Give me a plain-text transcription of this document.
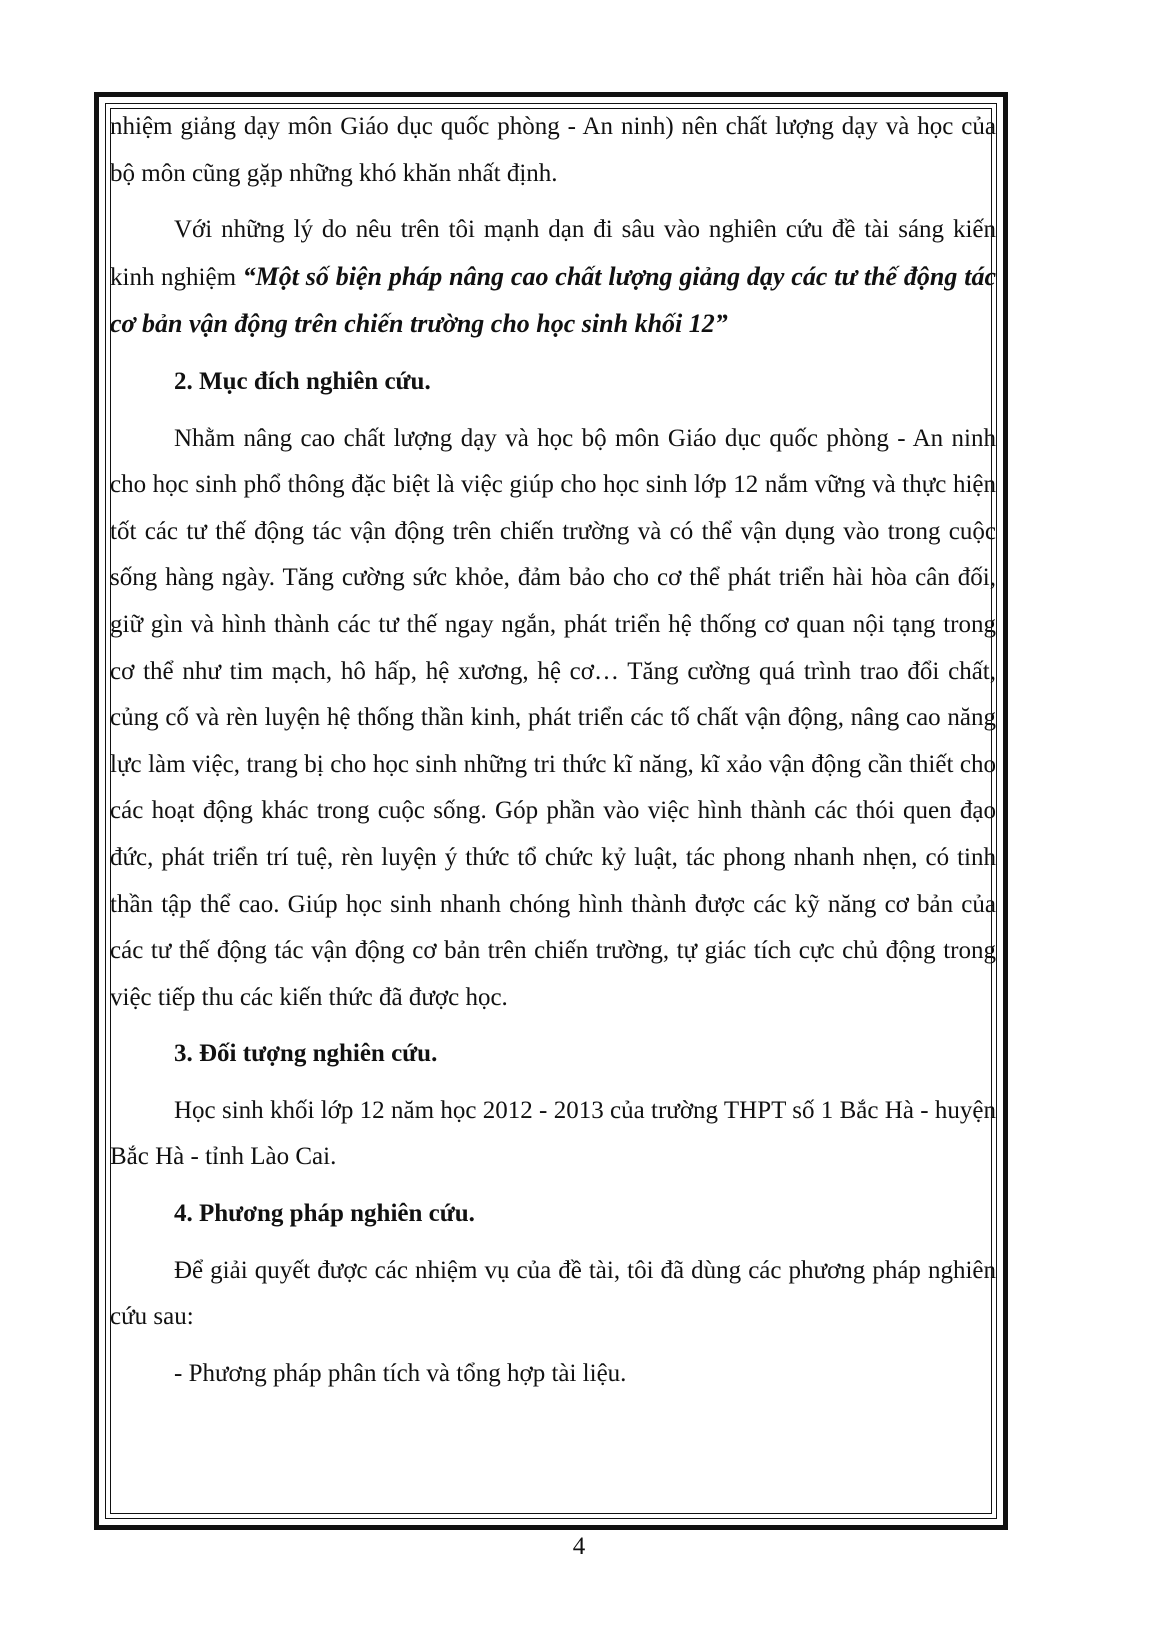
nhiệm giảng dạy môn Giáo dục quốc phòng - An ninh) nên chất lượng dạy và học của bộ môn cũng gặp những khó khăn nhất định.

Với những lý do nêu trên tôi mạnh dạn đi sâu vào nghiên cứu đề tài sáng kiến kinh nghiệm “Một số biện pháp nâng cao chất lượng giảng dạy các tư thế động tác cơ bản vận động trên chiến trường cho học sinh khối 12”

2. Mục đích nghiên cứu.

Nhằm nâng cao chất lượng dạy và học bộ môn Giáo dục quốc phòng - An ninh cho học sinh phổ thông đặc biệt là việc giúp cho học sinh lớp 12 nắm vững và thực hiện tốt các tư thế động tác vận động trên chiến trường và có thể vận dụng vào trong cuộc sống hàng ngày. Tăng cường sức khỏe, đảm bảo cho cơ thể phát triển hài hòa cân đối, giữ gìn và hình thành các tư thế ngay ngắn, phát triển hệ thống cơ quan nội tạng trong cơ thể như tim mạch, hô hấp, hệ xương, hệ cơ… Tăng cường quá trình trao đổi chất, củng cố và rèn luyện hệ thống thần kinh, phát triển các tố chất vận động, nâng cao năng lực làm việc, trang bị cho học sinh những tri thức kĩ năng, kĩ xảo vận động cần thiết cho các hoạt động khác trong cuộc sống. Góp phần vào việc hình thành các thói quen đạo đức, phát triển trí tuệ, rèn luyện ý thức tổ chức kỷ luật, tác phong nhanh nhẹn, có tinh thần tập thể cao. Giúp học sinh nhanh chóng hình thành được các kỹ năng cơ bản của các tư thế động tác vận động cơ bản trên chiến trường, tự giác tích cực chủ động trong việc tiếp thu các kiến thức đã được học.

3. Đối tượng nghiên cứu.

Học sinh khối lớp 12 năm học 2012 - 2013 của trường THPT số 1 Bắc Hà - huyện Bắc Hà - tỉnh Lào Cai.

4. Phương pháp nghiên cứu.

Để giải quyết được các nhiệm vụ của đề tài, tôi đã dùng các phương pháp nghiên cứu sau:

- Phương pháp phân tích và tổng hợp tài liệu.

4
